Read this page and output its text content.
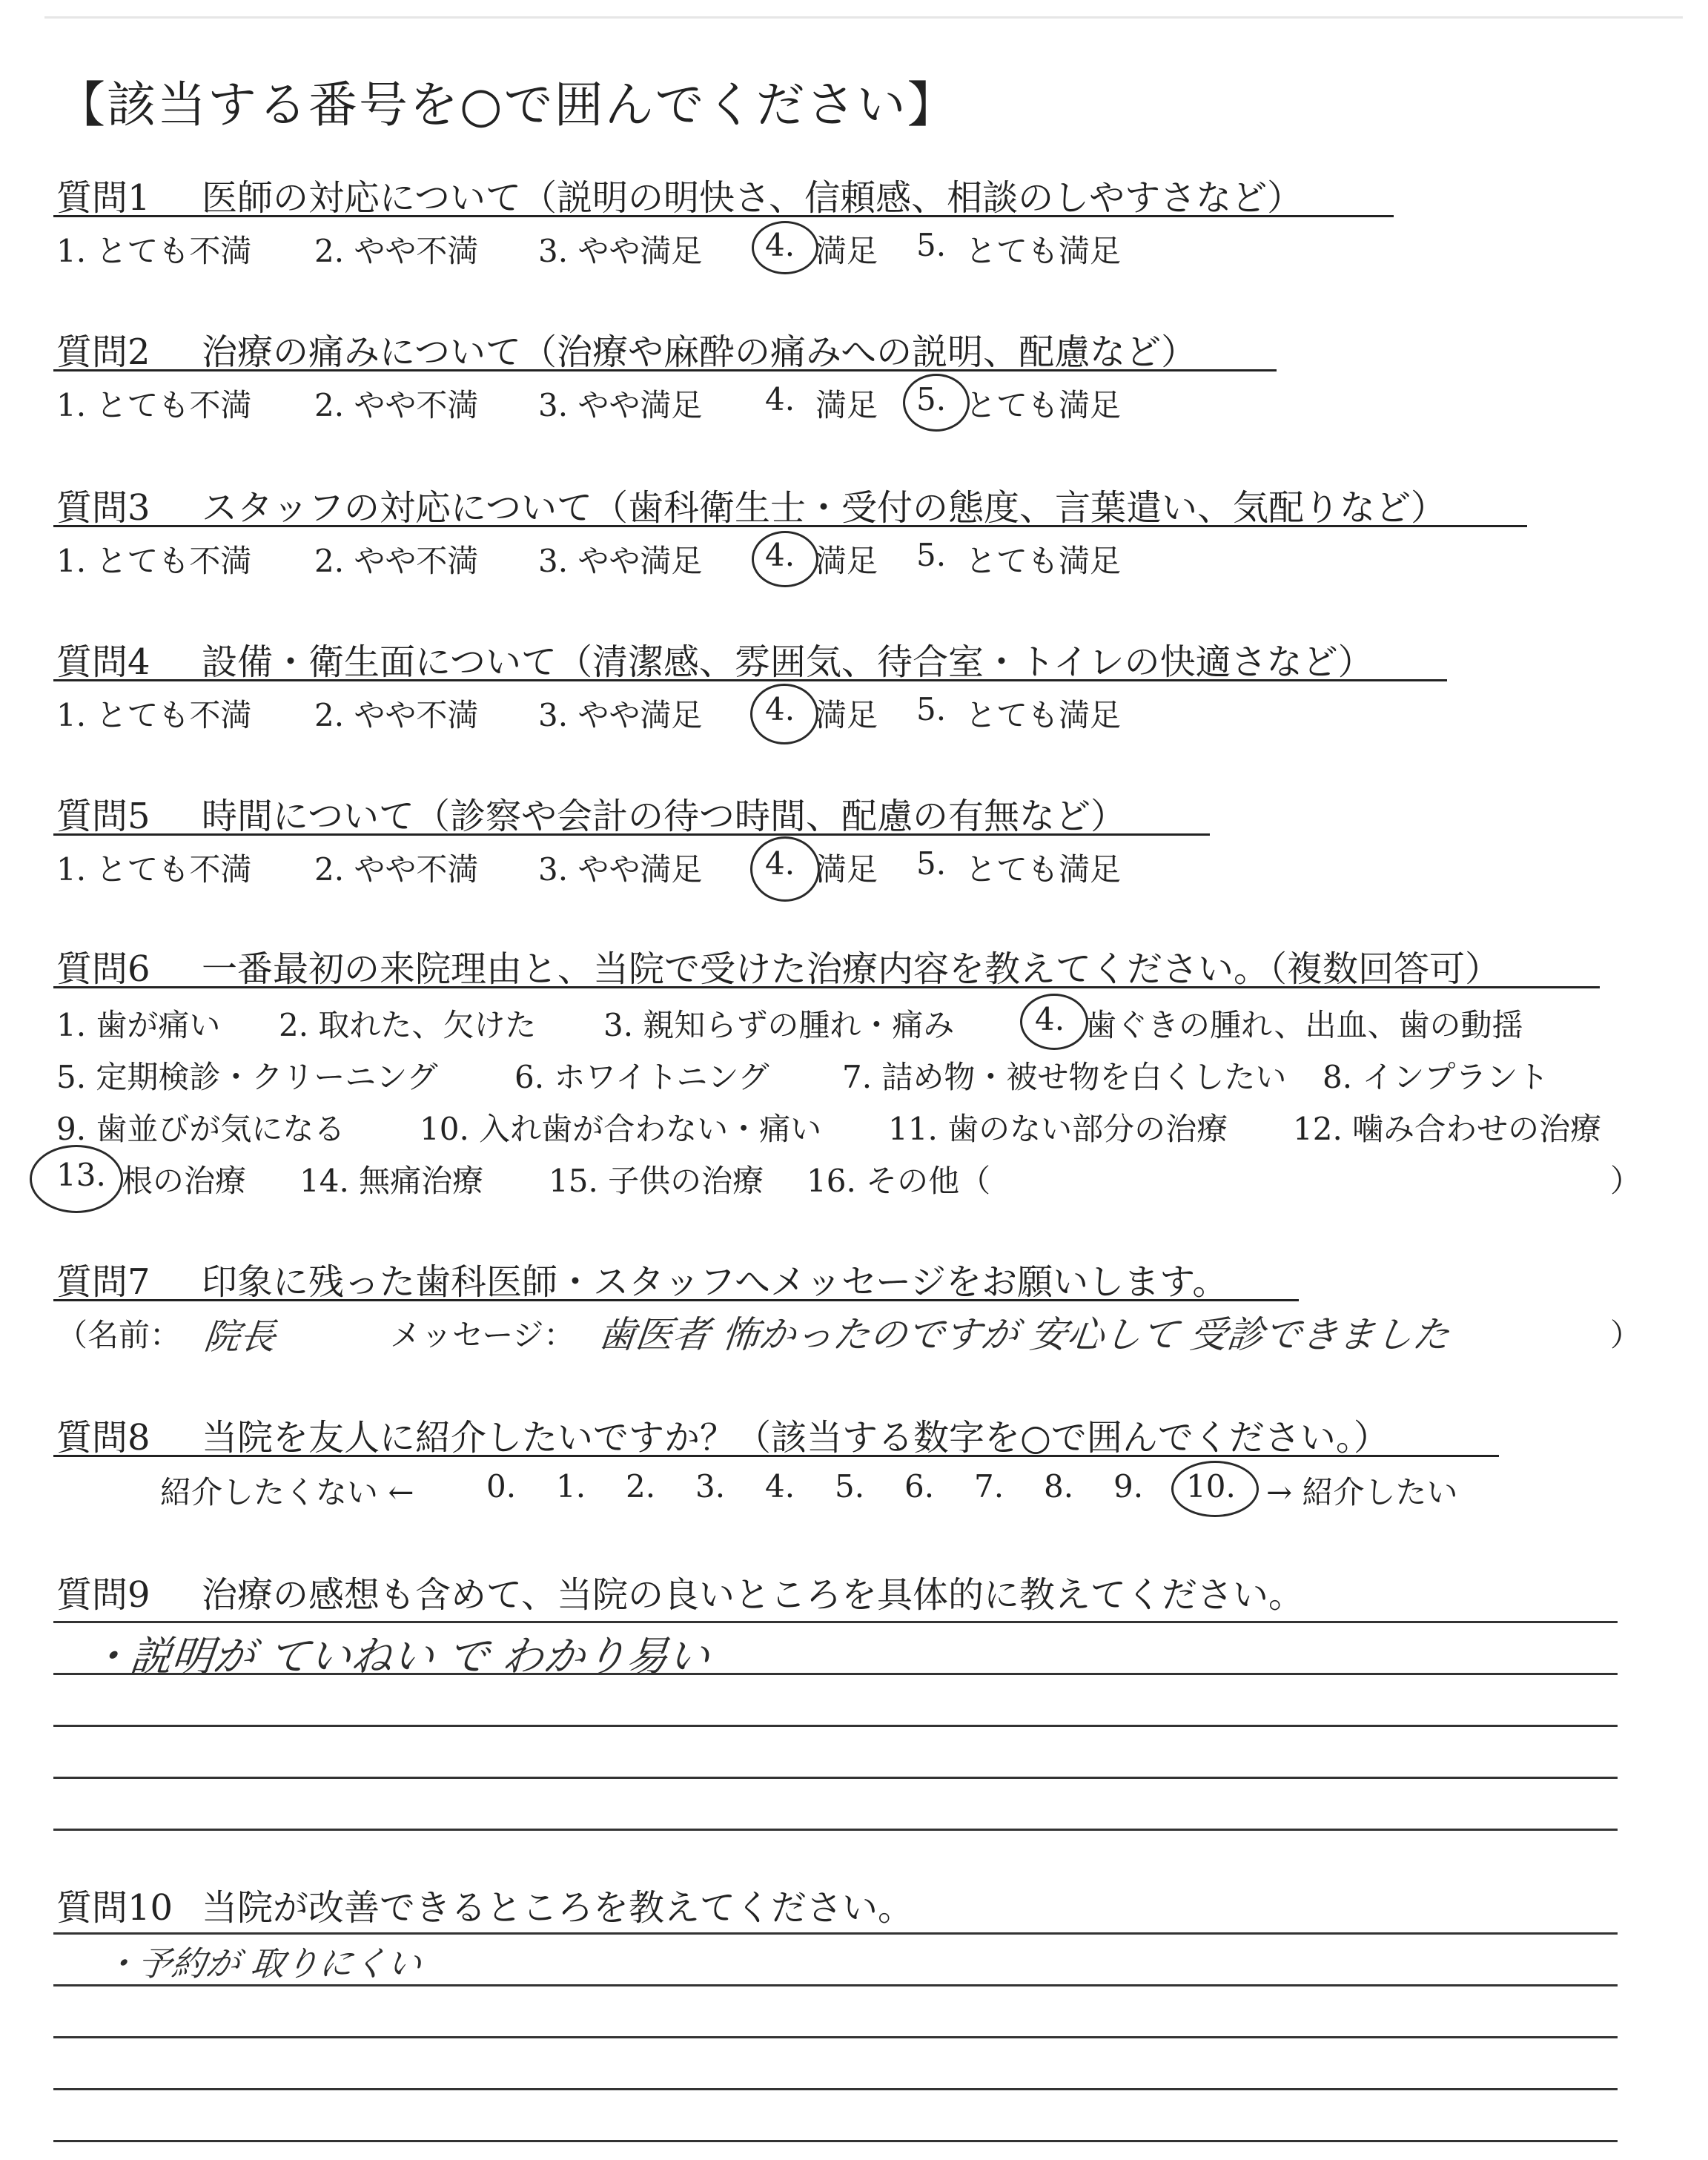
【該当する番号を○で囲んでください】
質問1 医師の対応について（説明の明快さ、信頼感、相談のしやすさなど）
1. とても不満 2. やや不満 3. やや満足 4. 満足 5. とても満足
質問2 治療の痛みについて（治療や麻酔の痛みへの説明、配慮など）
1. とても不満 2. やや不満 3. やや満足 4. 満足 5. とても満足
質問3 スタッフの対応について（歯科衛生士・受付の態度、言葉遣い、気配りなど）
1. とても不満 2. やや不満 3. やや満足 4. 満足 5. とても満足
質問4 設備・衛生面について（清潔感、雰囲気、待合室・トイレの快適さなど）
1. とても不満 2. やや不満 3. やや満足 4. 満足 5. とても満足
質問5 時間について（診察や会計の待つ時間、配慮の有無など）
1. とても不満 2. やや不満 3. やや満足 4. 満足 5. とても満足
質問6 一番最初の来院理由と、当院で受けた治療内容を教えてください。（複数回答可）
1. 歯が痛い 2. 取れた、欠けた 3. 親知らずの腫れ・痛み	4. 歯ぐきの腫れ、出血、歯の動揺
5. 定期検診・クリーニング 6. ホワイトニング 7. 詰め物・被せ物を白くしたい 8. インプラント
9. 歯並びが気になる 10. 入れ歯が合わない・痛い 11. 歯のない部分の治療 12. 噛み合わせの治療
13. 根の治療 14. 無痛治療 15. 子供の治療 16. その他（	）
質問7 印象に残った歯科医師・スタッフへメッセージをお願いします。
（名前： 院長	メッセージ： 歯医者 怖かったのですが 安心して 受診できました	）
質問8 当院を友人に紹介したいですか？（該当する数字を○で囲んでください。）
紹介したくない ← 0. 1. 2. 3. 4. 5. 6. 7. 8. 9. 10. → 紹介したい
質問9 治療の感想も含めて、当院の良いところを具体的に教えてください。
・説明が ていねい で わかり易い
質問10 当院が改善できるところを教えてください。
・予約が 取りにくい
